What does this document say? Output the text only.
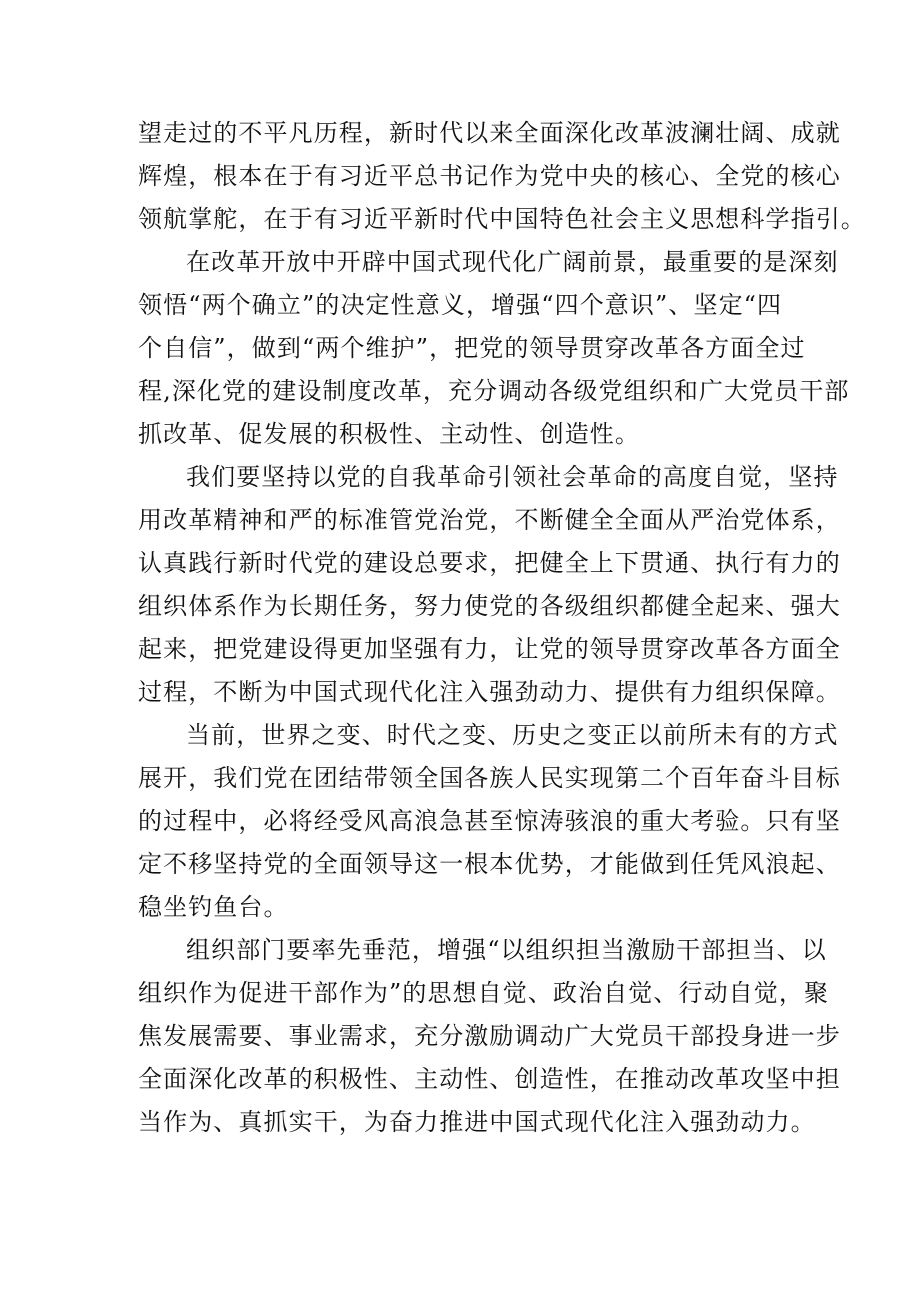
望走过的不平凡历程，新时代以来全面深化改革波澜壮阔、成就
辉煌，根本在于有习近平总书记作为党中央的核心、全党的核心
领航掌舵，在于有习近平新时代中国特色社会主义思想科学指引。
在改革开放中开辟中国式现代化广阔前景，最重要的是深刻
领悟“两个确立”的决定性意义，增强“四个意识”、坚定“四
个自信”，做到“两个维护”，把党的领导贯穿改革各方面全过
程,深化党的建设制度改革，充分调动各级党组织和广大党员干部
抓改革、促发展的积极性、主动性、创造性。
我们要坚持以党的自我革命引领社会革命的高度自觉，坚持
用改革精神和严的标准管党治党，不断健全全面从严治党体系，
认真践行新时代党的建设总要求，把健全上下贯通、执行有力的
组织体系作为长期任务，努力使党的各级组织都健全起来、强大
起来，把党建设得更加坚强有力，让党的领导贯穿改革各方面全
过程，不断为中国式现代化注入强劲动力、提供有力组织保障。
当前，世界之变、时代之变、历史之变正以前所未有的方式
展开，我们党在团结带领全国各族人民实现第二个百年奋斗目标
的过程中，必将经受风高浪急甚至惊涛骇浪的重大考验。只有坚
定不移坚持党的全面领导这一根本优势，才能做到任凭风浪起、
稳坐钓鱼台。
组织部门要率先垂范，增强“以组织担当激励干部担当、以
组织作为促进干部作为”的思想自觉、政治自觉、行动自觉，聚
焦发展需要、事业需求，充分激励调动广大党员干部投身进一步
全面深化改革的积极性、主动性、创造性，在推动改革攻坚中担
当作为、真抓实干，为奋力推进中国式现代化注入强劲动力。
